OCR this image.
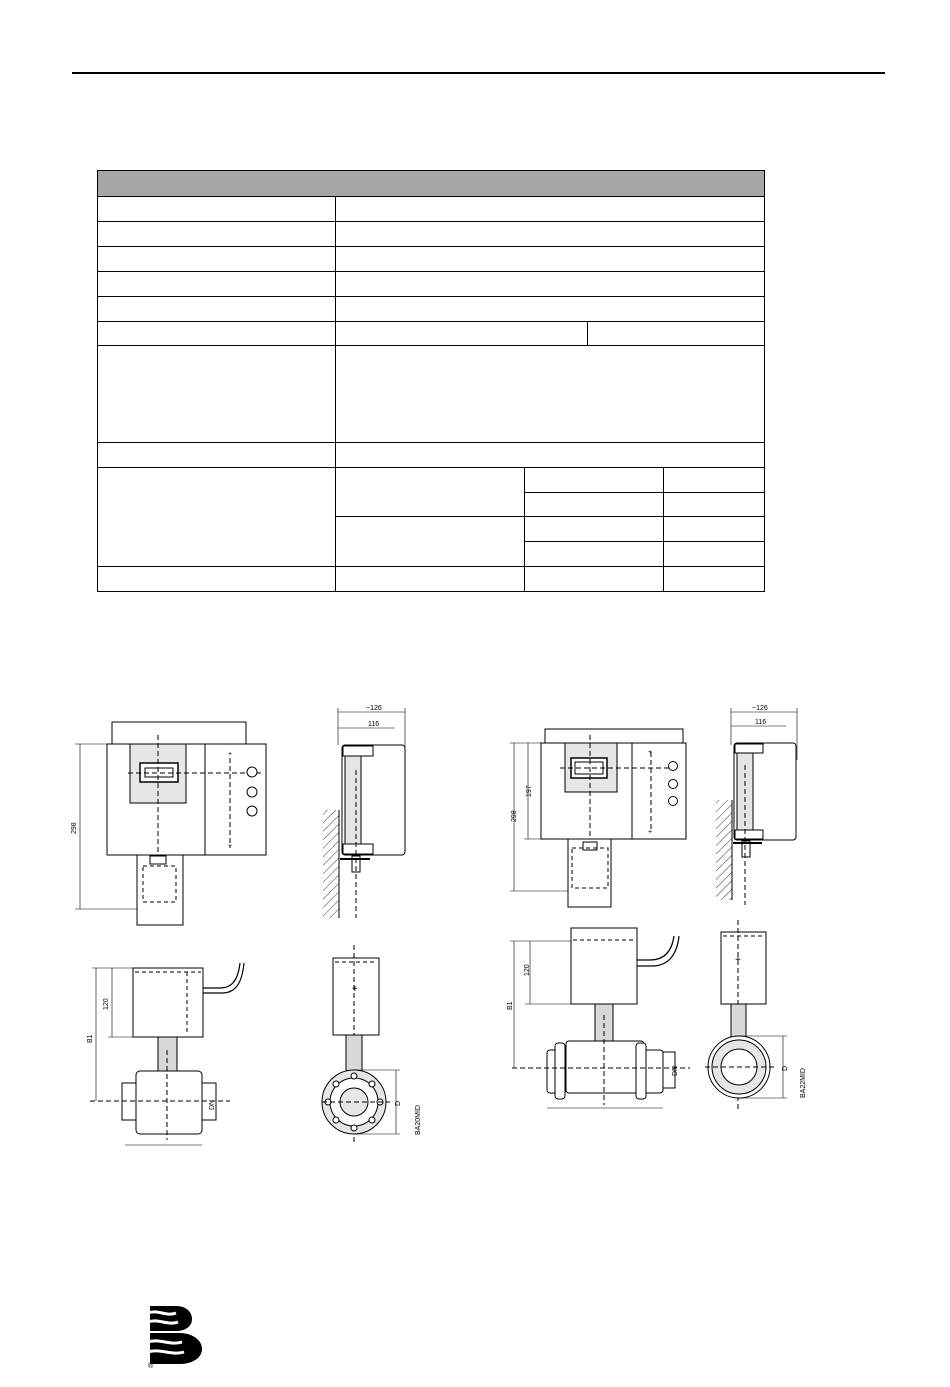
+
+
298
~126
116
120
B1
DN
+
D
BA20MID
+
+
298
197
~126
116
120
B1
DN
+
D BA22MID
®
